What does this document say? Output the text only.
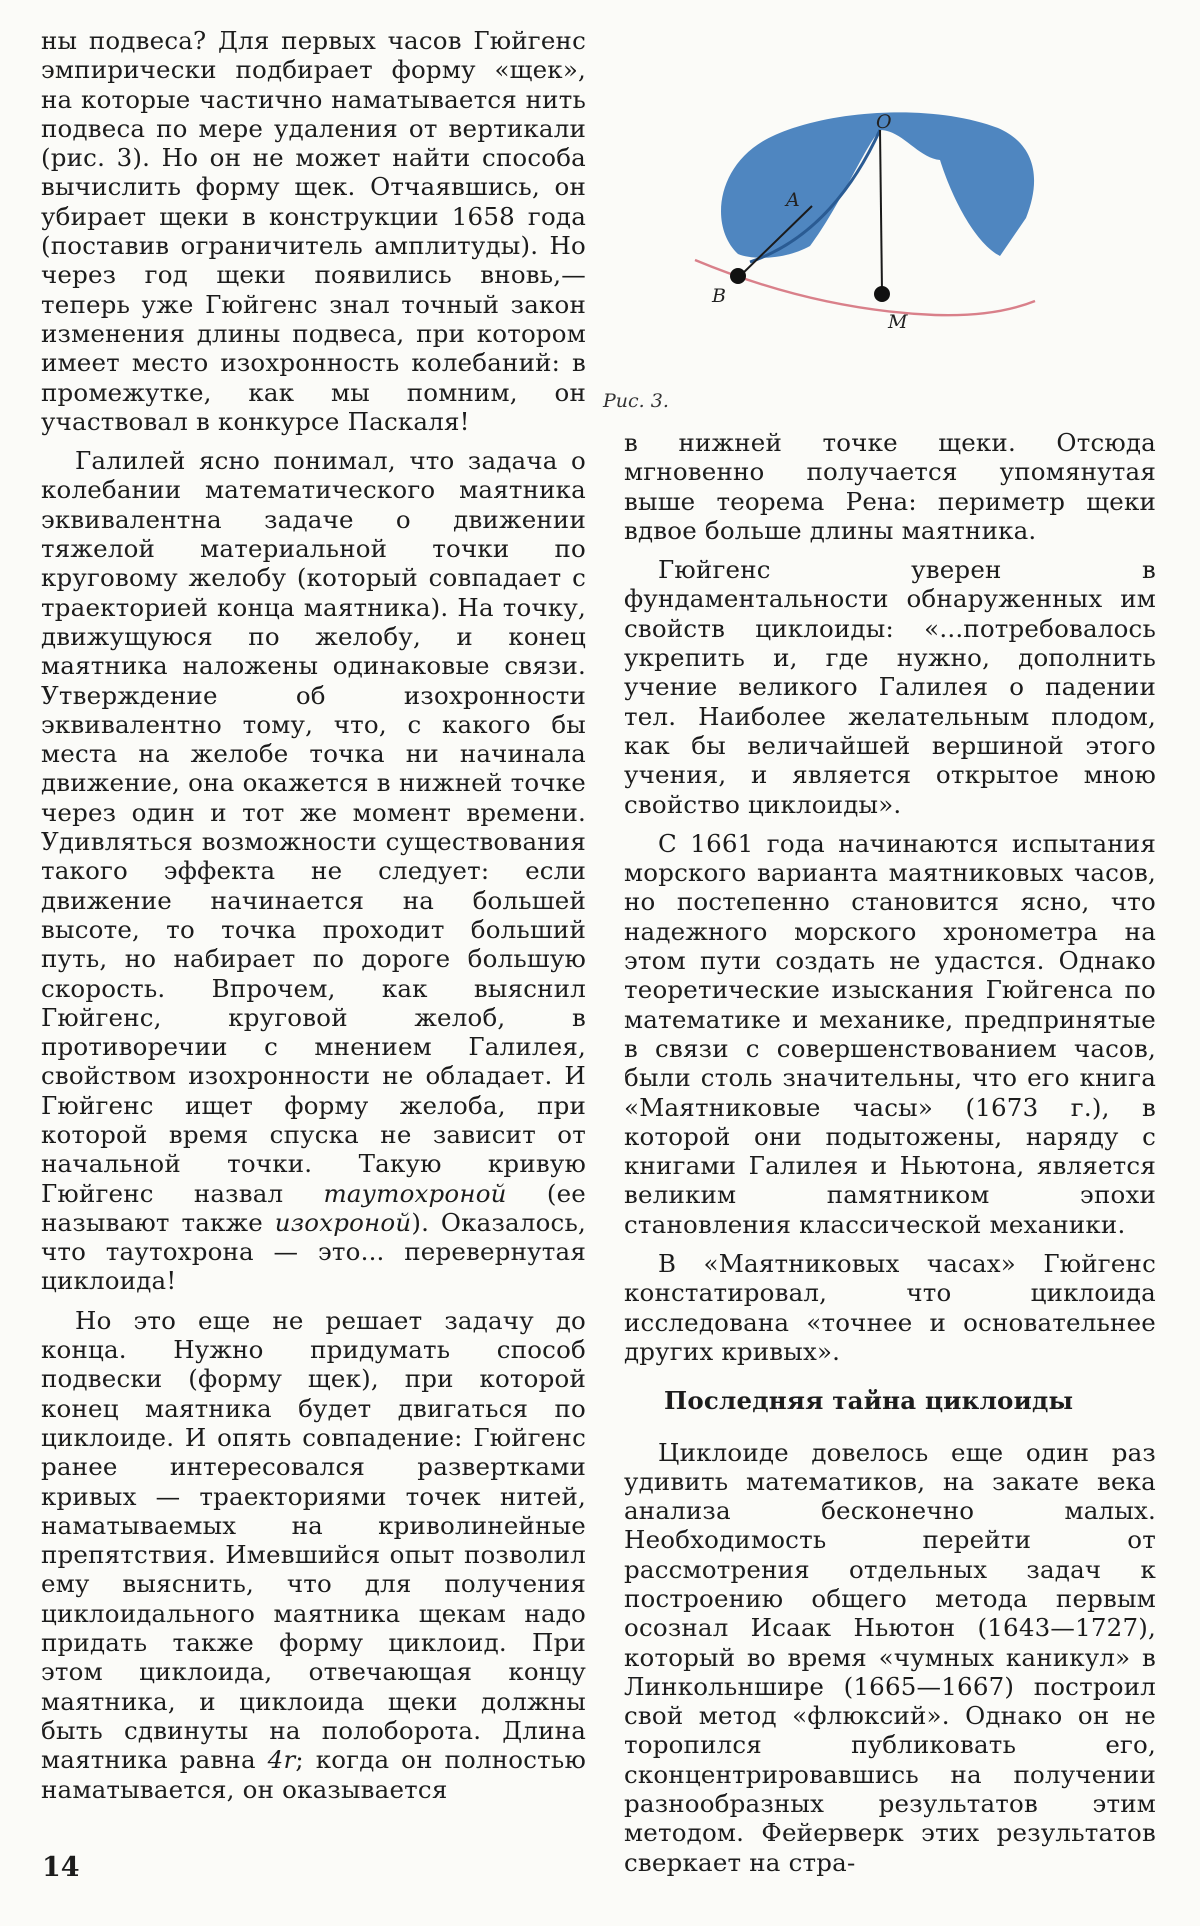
ны подвеса? Для первых часов Гюйгенс эмпирически подбирает форму «щек», на которые частично наматывается нить подвеса по мере удаления от вертикали (рис. 3). Но он не может найти способа вычислить форму щек. Отчаявшись, он убирает щеки в конструкции 1658 года (поставив ограничитель амплитуды). Но через год щеки появились вновь,— теперь уже Гюйгенс знал точный закон изменения длины подвеса, при котором имеет место изохронность колебаний: в промежутке, как мы помним, он участвовал в конкурсе Паскаля!

Галилей ясно понимал, что задача о колебании математического маятника эквивалентна задаче о движении тяжелой материальной точки по круговому желобу (который совпадает с траекторией конца маятника). На точку, движущуюся по желобу, и конец маятника наложены одинаковые связи. Утверждение об изохронности эквивалентно тому, что, с какого бы места на желобе точка ни начинала движение, она окажется в нижней точке через один и тот же момент времени. Удивляться возможности существования такого эффекта не следует: если движение начинается на большей высоте, то точка проходит больший путь, но набирает по дороге большую скорость. Впрочем, как выяснил Гюйгенс, круговой желоб, в противоречии с мнением Галилея, свойством изохронности не обладает. И Гюйгенс ищет форму желоба, при которой время спуска не зависит от начальной точки. Такую кривую Гюйгенс назвал таутохроной (ее называют также изохроной). Оказалось, что таутохрона — это... перевернутая циклоида!

Но это еще не решает задачу до конца. Нужно придумать способ подвески (форму щек), при которой конец маятника будет двигаться по циклоиде. И опять совпадение: Гюйгенс ранее интересовался развертками кривых — траекториями точек нитей, наматываемых на криволинейные препятствия. Имевшийся опыт позволил ему выяснить, что для получения циклоидального маятника щекам надо придать также форму циклоид. При этом циклоида, отвечающая концу маятника, и циклоида щеки должны быть сдвинуты на полоборота. Длина маятника равна 4r; когда он полностью наматывается, он оказывается

O
A
B
M
Рис. 3.

в нижней точке щеки. Отсюда мгновенно получается упомянутая выше теорема Рена: периметр щеки вдвое больше длины маятника.

Гюйгенс уверен в фундаментальности обнаруженных им свойств циклоиды: «...потребовалось укрепить и, где нужно, дополнить учение великого Галилея о падении тел. Наиболее желательным плодом, как бы величайшей вершиной этого учения, и является открытое мною свойство циклоиды».

С 1661 года начинаются испытания морского варианта маятниковых часов, но постепенно становится ясно, что надежного морского хронометра на этом пути создать не удастся. Однако теоретические изыскания Гюйгенса по математике и механике, предпринятые в связи с совершенствованием часов, были столь значительны, что его книга «Маятниковые часы» (1673 г.), в которой они подытожены, наряду с книгами Галилея и Ньютона, является великим памятником эпохи становления классической механики.

В «Маятниковых часах» Гюйгенс констатировал, что циклоида исследована «точнее и основательнее других кривых».

Последняя тайна циклоиды

Циклоиде довелось еще один раз удивить математиков, на закате века анализа бесконечно малых. Необходимость перейти от рассмотрения отдельных задач к построению общего метода первым осознал Исаак Ньютон (1643—1727), который во время «чумных каникул» в Линкольншире (1665—1667) построил свой метод «флюксий». Однако он не торопился публиковать его, сконцентрировавшись на получении разнообразных результатов этим методом. Фейерверк этих результатов сверкает на стра-

14
